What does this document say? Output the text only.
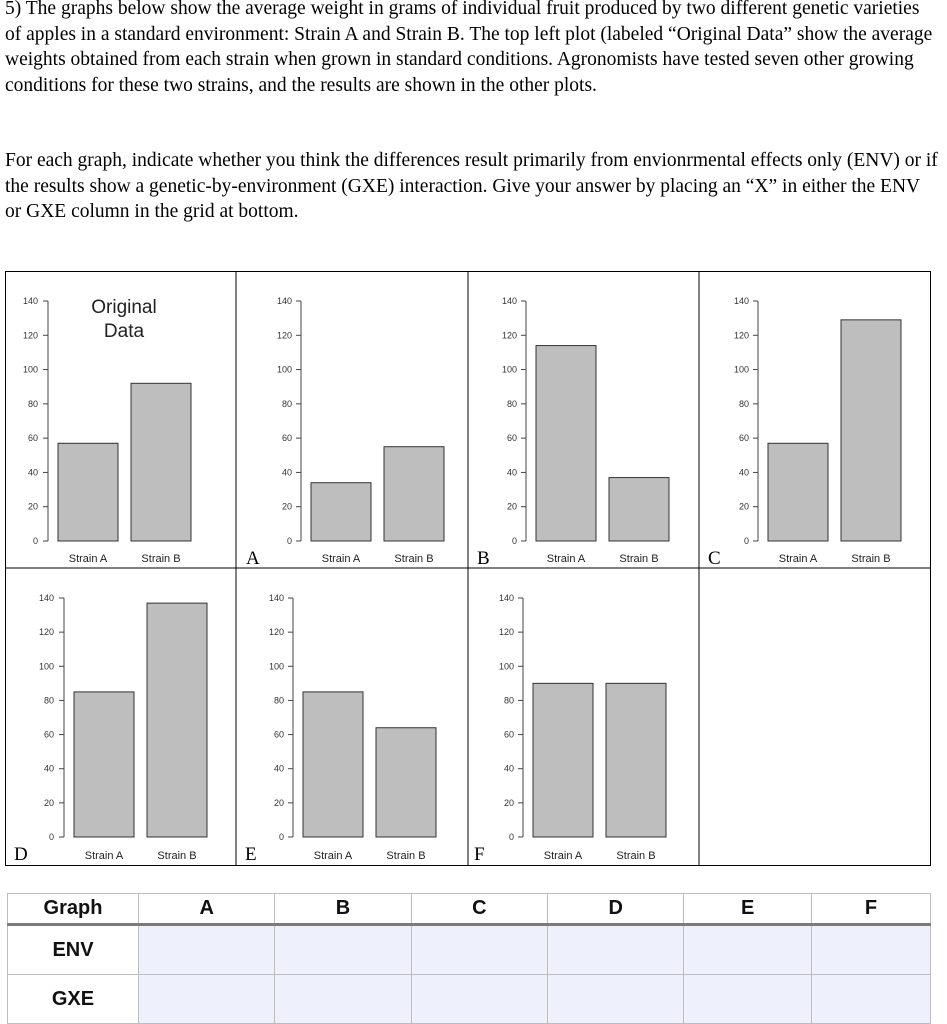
5) The graphs below show the average weight in grams of individual fruit produced by two different genetic varieties of apples in a standard environment: Strain A and Strain B. The top left plot (labeled “Original Data” show the average weights obtained from each strain when grown in standard conditions. Agronomists have tested seven other growing conditions for these two strains, and the results are shown in the other plots.

For each graph, indicate whether you think the differences result primarily from envionrmental effects only (ENV) or if the results show a genetic-by-environment (GXE) interaction. Give your answer by placing an “X” in either the ENV or GXE column in the grid at bottom.

0
20
40
60
80
100
120
140
Strain A	Strain B
Original
Data
0
20
40
60
80
100
120
140
Strain A	Strain B
A
0
20
40
60
80
100
120
140
Strain A	Strain B
B
0
20
40
60
80
100
120
140
Strain A	Strain B
C
0
20
40
60
80
100
120
140
Strain A	Strain B
D
0
20
40
60
80
100
120
140
Strain A	Strain B
E
0
20
40
60
80
100
120
140
Strain A	Strain B
F
Graph	A	B	C	D	E	F
ENV						
GXE						
